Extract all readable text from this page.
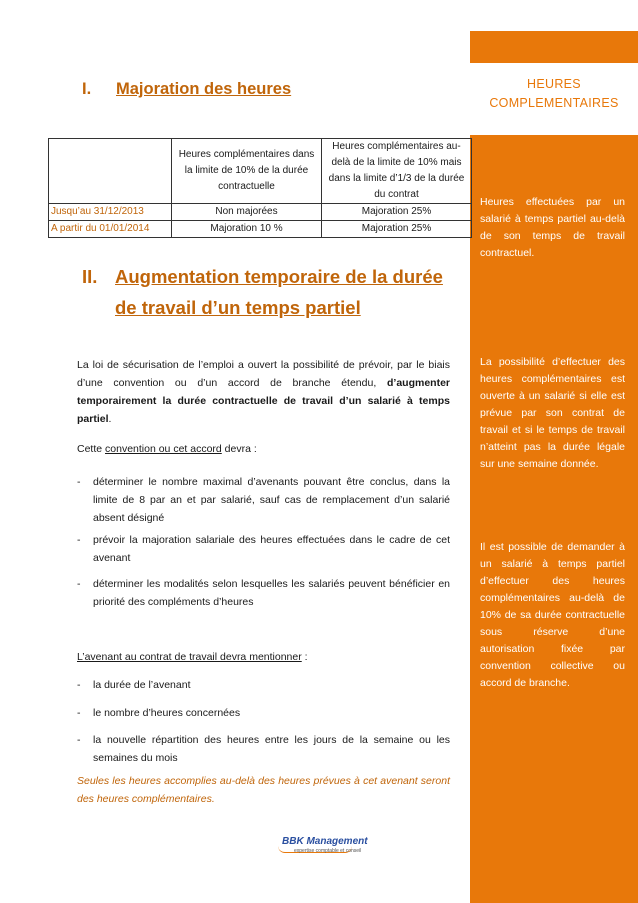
HEURES
COMPLEMENTAIRES
Heures effectuées par un salarié à temps partiel au-delà de son temps de travail contractuel.
La possibilité d’effectuer des heures complémentaires est ouverte à un salarié si elle est prévue par son contrat de travail et si le temps de travail n’atteint pas la durée légale sur une semaine donnée.
Il est possible de demander à un salarié à temps partiel d’effectuer des heures complémentaires au-delà de 10% de sa durée contractuelle sous réserve d’une autorisation fixée par convention collective ou accord de branche.
I. Majoration des heures
	Heures complémentaires dans la limite de 10% de la durée contractuelle	Heures complémentaires au-delà de la limite de 10% mais dans la limite d’1/3 de la durée du contrat
Jusqu’au 31/12/2013	Non majorées	Majoration 25%
A partir du 01/01/2014	Majoration 10 %	Majoration 25%
II. Augmentation temporaire de la durée de travail d’un temps partiel
La loi de sécurisation de l’emploi a ouvert la possibilité de prévoir, par le biais d’une convention ou d’un accord de branche étendu, d’augmenter temporairement la durée contractuelle de travail d’un salarié à temps partiel.
Cette convention ou cet accord devra :
- déterminer le nombre maximal d’avenants pouvant être conclus, dans la limite de 8 par an et par salarié, sauf cas de remplacement d’un salarié absent désigné
- prévoir la majoration salariale des heures effectuées dans le cadre de cet avenant
- déterminer les modalités selon lesquelles les salariés peuvent bénéficier en priorité des compléments d’heures
L’avenant au contrat de travail devra mentionner :
- la durée de l’avenant
- le nombre d’heures concernées
- la nouvelle répartition des heures entre les jours de la semaine ou les semaines du mois
Seules les heures accomplies au-delà des heures prévues à cet avenant seront des heures complémentaires.
BBK Management
expertise comptable et conseil
